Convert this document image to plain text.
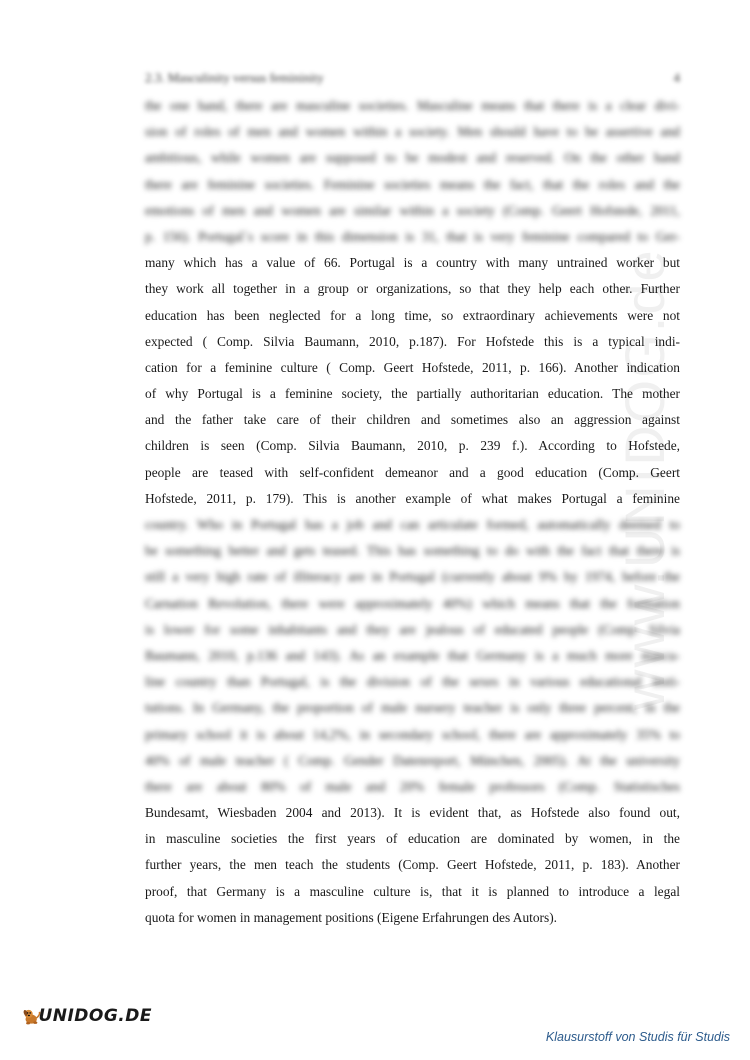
www.UNIDOG.de
2.3. Masculinity versus femininity	4
the one hand, there are masculine societies. Masculine means that there is a clear divi-
sion of roles of men and women within a society. Men should have to be assertive and
ambitious, while women are supposed to be modest and reserved. On the other hand
there are feminine societies. Feminine societies means the fact, that the roles and the
emotions of men and women are similar within a society (Comp. Geert Hofstede, 2011,
p. 156). Portugal`s score in this dimension is 31, that is very feminine compared to Ger-
many which has a value of 66. Portugal is a country with many untrained worker but
they work all together in a group or organizations, so that they help each other. Further
education has been neglected for a long time, so extraordinary achievements were not
expected ( Comp. Silvia Baumann, 2010, p.187). For Hofstede this is a typical indi-
cation for a feminine culture ( Comp. Geert Hofstede, 2011, p. 166). Another indication
of why Portugal is a feminine society, the partially authoritarian education. The mother
and the father take care of their children and sometimes also an aggression against
children is seen (Comp. Silvia Baumann, 2010, p. 239 f.). According to Hofstede,
people are teased with self-confident demeanor and a good education (Comp. Geert
Hofstede, 2011, p. 179). This is another example of what makes Portugal a feminine
country. Who in Portugal has a job and can articulate formed, automatically deemed to
be something better and gets teased. This has something to do with the fact that there is
still a very high rate of illiteracy are in Portugal (currently about 9% by 1974, before the
Carnation Revolution, there were approximately 40%) which means that the formation
is lower for some inhabitants and they are jealous of educated people (Comp. Silvia
Baumann, 2010, p.136 and 143). As an example that Germany is a much more mascu-
line country than Portugal, is the division of the sexes in various educational insti-
tutions. In Germany, the proportion of male nursery teacher is only three percent, in the
primary school it is about 14,2%, in secondary school, there are approximately 35% to
40% of male teacher ( Comp. Gender Datenreport, München, 2005). At the university
there are about 80% of male and 20% female professors (Comp. Statistisches
Bundesamt, Wiesbaden 2004 and 2013). It is evident that, as Hofstede also found out,
in masculine societies the first years of education are dominated by women, in the
further years, the men teach the students (Comp. Geert Hofstede, 2011, p. 183). Another
proof, that Germany is a masculine culture is, that it is planned to introduce a legal
quota for women in management positions (Eigene Erfahrungen des Autors).
UNIDOG.DE
Klausurstoff von Studis für Studis
